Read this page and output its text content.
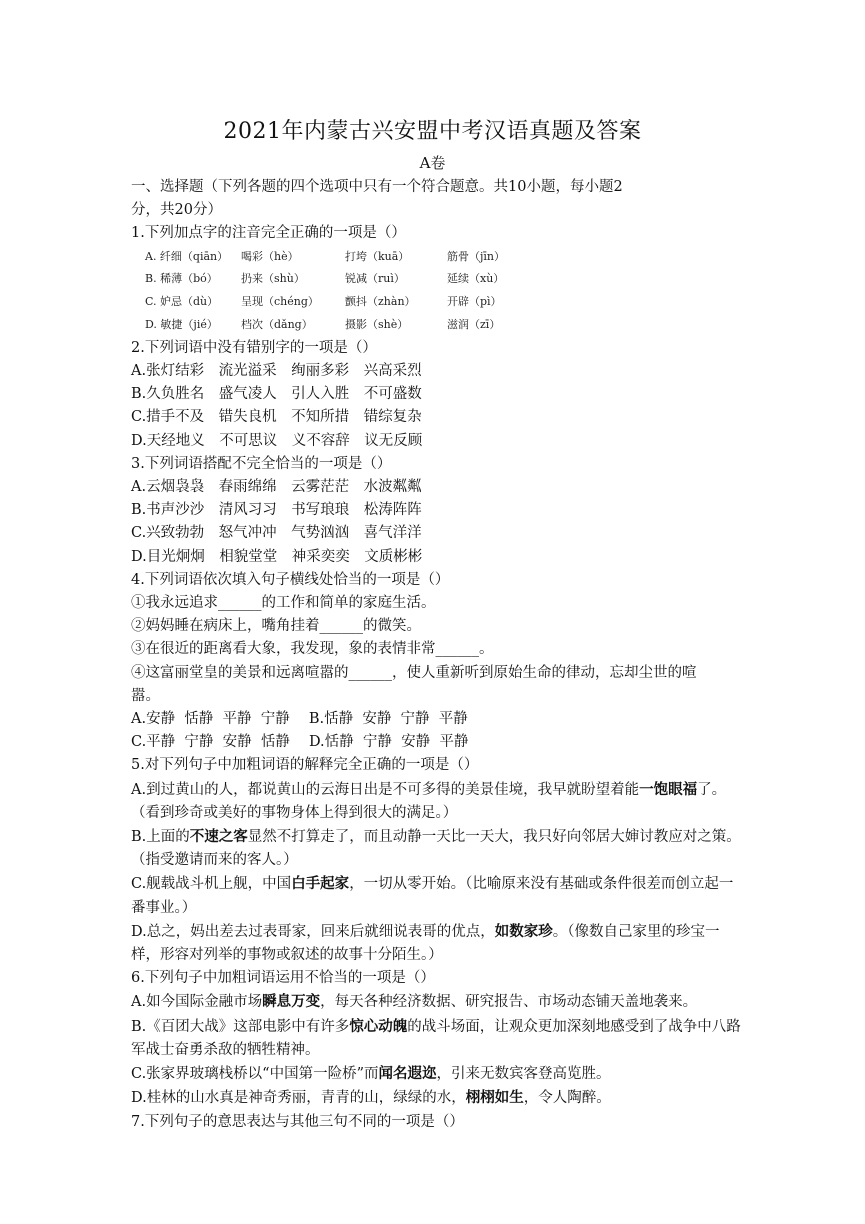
2021年内蒙古兴安盟中考汉语真题及答案
A卷

一、选择题（下列各题的四个选项中只有一个符合题意。共10小题，每小题2

分，共20分）

1.下列加点字的注音完全正确的一项是（）

A. 纤细（qiān） 喝彩（hè）	打垮（kuā）	筋骨（jīn）
B. 稀薄（bó） 扔来（shù）	锐减（ruì）	延续（xù）
C. 妒忌（dù） 呈现（chéng） 颤抖（zhàn）	开辟（pì）
D. 敏捷（jié） 档次（dǎng）	摄影（shè）	滋润（zī）

2.下列词语中没有错别字的一项是（）

A.张灯结彩　流光溢采　绚丽多彩　兴高采烈

B.久负胜名　盛气凌人　引人入胜　不可盛数

C.措手不及　错失良机　不知所措　错综复杂

D.天经地义　不可思议　义不容辞　议无反顾

3.下列词语搭配不完全恰当的一项是（）

A.云烟袅袅　春雨绵绵　云雾茫茫　水波粼粼

B.书声沙沙　清风习习　书写琅琅　松涛阵阵

C.兴致勃勃　怒气冲冲　气势汹汹　喜气洋洋

D.目光炯炯　相貌堂堂　神采奕奕　文质彬彬

4.下列词语依次填入句子横线处恰当的一项是（）

①我永远追求______的工作和简单的家庭生活。

②妈妈睡在病床上，嘴角挂着______的微笑。

③在很近的距离看大象，我发现，象的表情非常______。

④这富丽堂皇的美景和远离喧嚣的______，使人重新听到原始生命的律动，忘却尘世的喧

嚣。

A.安静  恬静  平静  宁静　 B.恬静  安静  宁静  平静

C.平静  宁静  安静  恬静　 D.恬静  宁静  安静  平静

5.对下列句子中加粗词语的解释完全正确的一项是（）

A.到过黄山的人，都说黄山的云海日出是不可多得的美景佳境，我早就盼望着能一饱眼福了。（看到珍奇或美好的事物身体上得到很大的满足。）

B.上面的不速之客显然不打算走了，而且动静一天比一天大，我只好向邻居大婶讨教应对之策。（指受邀请而来的客人。）

C.舰载战斗机上舰，中国白手起家，一切从零开始。（比喻原来没有基础或条件很差而创立起一番事业。）

D.总之，妈出差去过表哥家，回来后就细说表哥的优点，如数家珍。（像数自己家里的珍宝一样，形容对列举的事物或叙述的故事十分陌生。）

6.下列句子中加粗词语运用不恰当的一项是（）

A.如今国际金融市场瞬息万变，每天各种经济数据、研究报告、市场动态铺天盖地袭来。

B.《百团大战》这部电影中有许多惊心动魄的战斗场面，让观众更加深刻地感受到了战争中八路军战士奋勇杀敌的牺牲精神。

C.张家界玻璃栈桥以“中国第一险桥”而闻名遐迩，引来无数宾客登高览胜。

D.桂林的山水真是神奇秀丽，青青的山，绿绿的水，栩栩如生，令人陶醉。

7.下列句子的意思表达与其他三句不同的一项是（）
